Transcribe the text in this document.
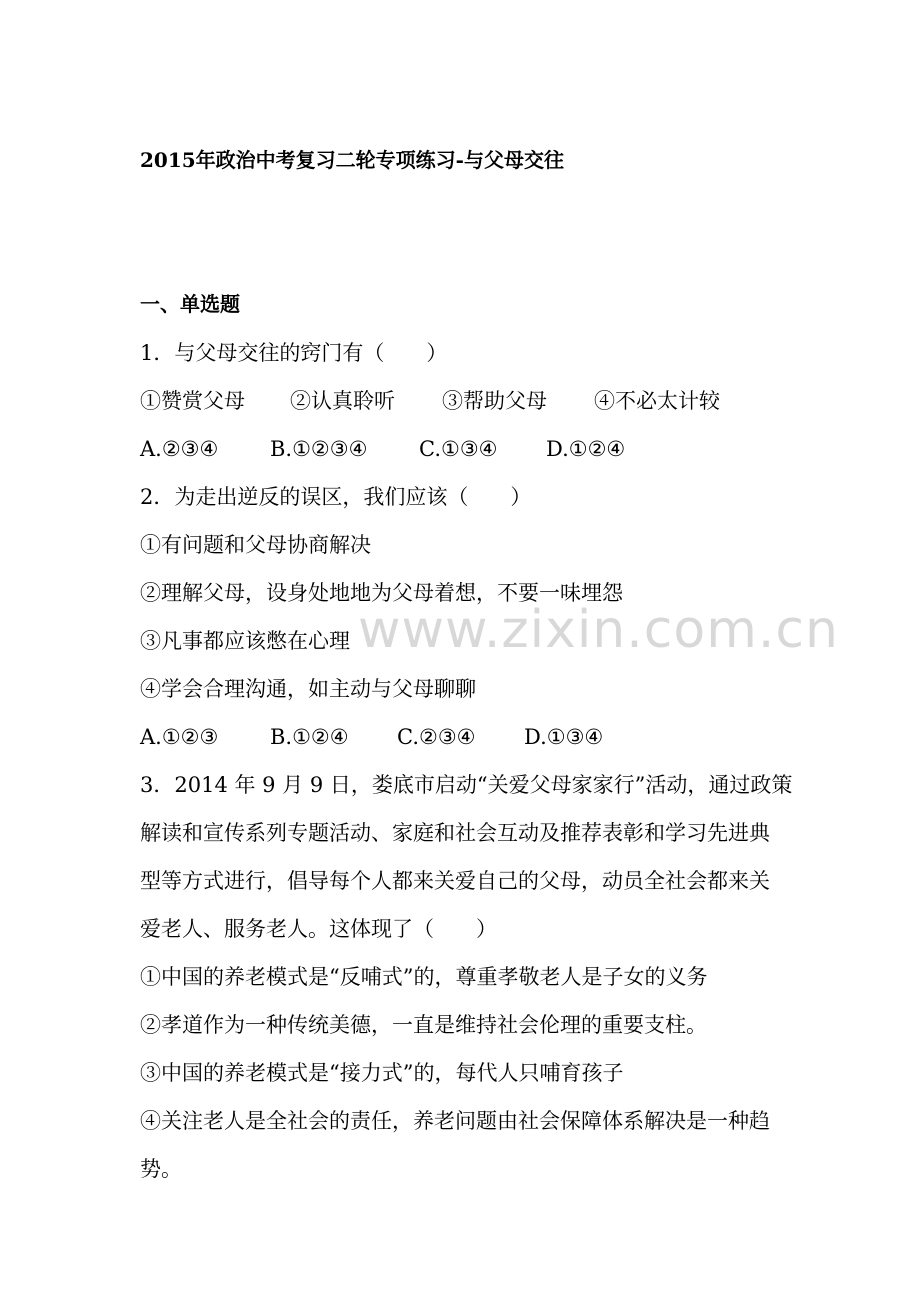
www.zixin.com.cn
2015年政治中考复习二轮专项练习-与父母交往
一、单选题
1．与父母交往的窍门有（　　）
①赞赏父母 ②认真聆听 ③帮助父母 ④不必太计较
A.②③④ B.①②③④ C.①③④ D.①②④
2．为走出逆反的误区，我们应该（　　）
①有问题和父母协商解决
②理解父母，设身处地地为父母着想，不要一味埋怨
③凡事都应该憋在心理
④学会合理沟通，如主动与父母聊聊
A.①②③ B.①②④ C.②③④ D.①③④
3．2014 年 9 月 9 日，娄底市启动“关爱父母家家行”活动，通过政策
解读和宣传系列专题活动、家庭和社会互动及推荐表彰和学习先进典
型等方式进行，倡导每个人都来关爱自己的父母，动员全社会都来关
爱老人、服务老人。这体现了（　　）
①中国的养老模式是“反哺式”的，尊重孝敬老人是子女的义务
②孝道作为一种传统美德，一直是维持社会伦理的重要支柱。
③中国的养老模式是“接力式”的，每代人只哺育孩子
④关注老人是全社会的责任，养老问题由社会保障体系解决是一种趋
势。
